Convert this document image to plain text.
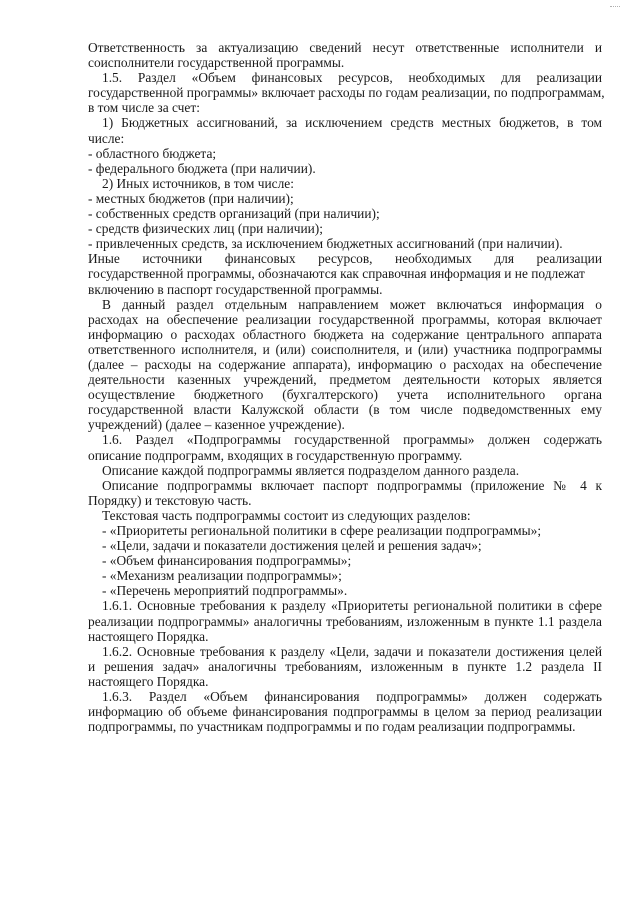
Ответственность за актуализацию сведений несут ответственные исполнители и
соисполнители государственной программы.
1.5. Раздел «Объем финансовых ресурсов, необходимых для реализации
государственной программы» включает расходы по годам реализации, по подпрограммам,
в том числе за счет:
1) Бюджетных ассигнований, за исключением средств местных бюджетов, в том
числе:
- областного бюджета;
- федерального бюджета (при наличии).
2) Иных источников, в том числе:
- местных бюджетов (при наличии);
- собственных средств организаций (при наличии);
- средств физических лиц (при наличии);
- привлеченных средств, за исключением бюджетных ассигнований (при наличии).
Иные источники финансовых ресурсов, необходимых для реализации
государственной программы, обозначаются как справочная информация и не подлежат
включению в паспорт государственной программы.
В данный раздел отдельным направлением может включаться информация о
расходах на обеспечение реализации государственной программы, которая включает
информацию о расходах областного бюджета на содержание центрального аппарата
ответственного исполнителя, и (или) соисполнителя, и (или) участника подпрограммы
(далее – расходы на содержание аппарата), информацию о расходах на обеспечение
деятельности казенных учреждений, предметом деятельности которых является
осуществление бюджетного (бухгалтерского) учета исполнительного органа
государственной власти Калужской области (в том числе подведомственных ему
учреждений) (далее – казенное учреждение).
1.6. Раздел «Подпрограммы государственной программы» должен содержать
описание подпрограмм, входящих в государственную программу.
Описание каждой подпрограммы является подразделом данного раздела.
Описание подпрограммы включает паспорт подпрограммы (приложение № 4 к
Порядку) и текстовую часть.
Текстовая часть подпрограммы состоит из следующих разделов:
- «Приоритеты региональной политики в сфере реализации подпрограммы»;
- «Цели, задачи и показатели достижения целей и решения задач»;
- «Объем финансирования подпрограммы»;
- «Механизм реализации подпрограммы»;
- «Перечень мероприятий подпрограммы».
1.6.1. Основные требования к разделу «Приоритеты региональной политики в сфере
реализации подпрограммы» аналогичны требованиям, изложенным в пункте 1.1 раздела
настоящего Порядка.
1.6.2. Основные требования к разделу «Цели, задачи и показатели достижения целей
и решения задач» аналогичны требованиям, изложенным в пункте 1.2 раздела II
настоящего Порядка.
1.6.3. Раздел «Объем финансирования подпрограммы» должен содержать
информацию об объеме финансирования подпрограммы в целом за период реализации
подпрограммы, по участникам подпрограммы и по годам реализации подпрограммы.
